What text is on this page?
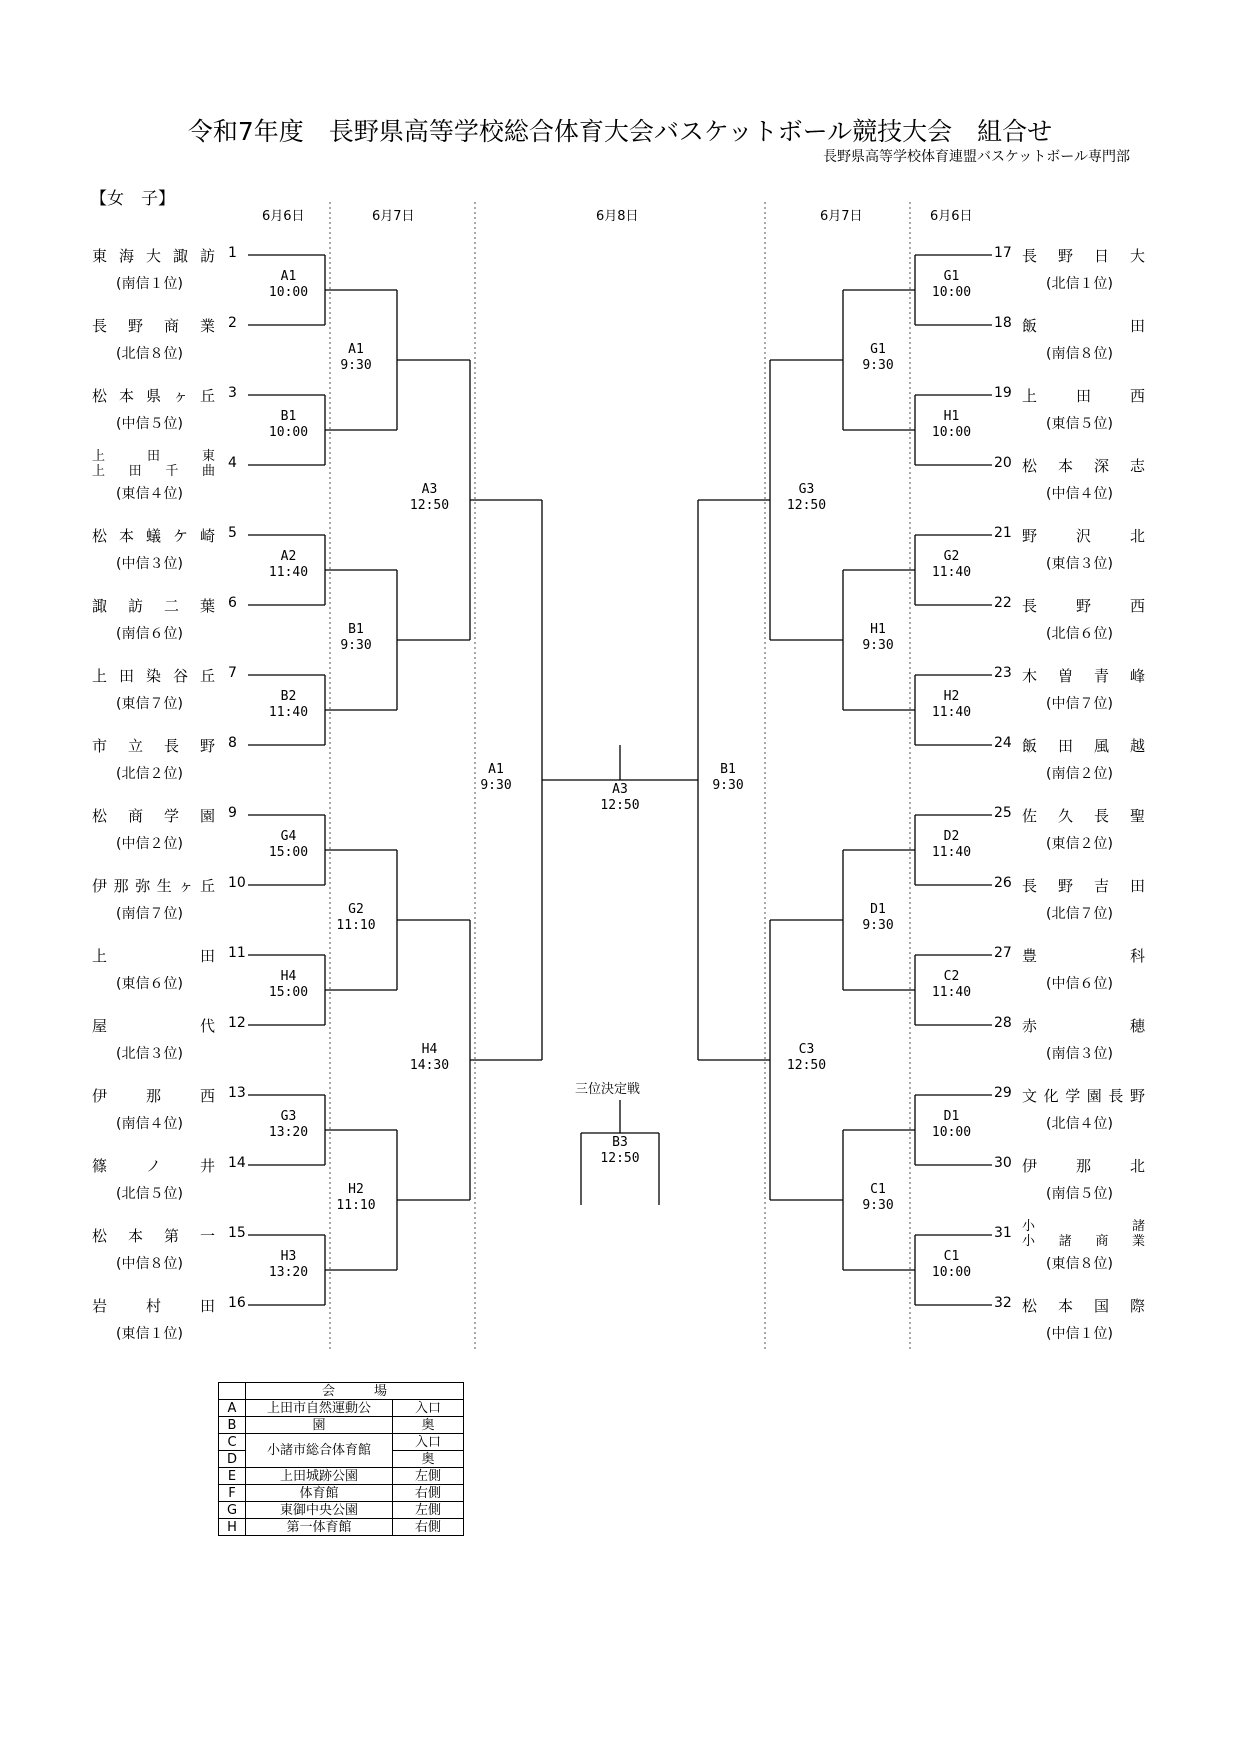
令和7年度　長野県高等学校総合体育大会バスケットボール競技大会　組合せ
長野県高等学校体育連盟バスケットボール専門部
【女　子】
6月6日	6月7日	6月8日	6月7日	6月6日
A1
10:00
B1
10:00
A2
11:40
B2
11:40
G4
15:00
H4
15:00
G3
13:20
H3
13:20
A1
9:30
B1
9:30
G2
11:10
H2
11:10
A3
12:50
H4
14:30
A1
9:30
G1
10:00
H1
10:00
G2
11:40
H2
11:40
D2
11:40
C2
11:40
D1
10:00
C1
10:00
G1
9:30
H1
9:30
D1
9:30
C1
9:30
G3
12:50
C3
12:50
B1
9:30
A3
12:50
三位決定戦
B3
12:50
1
東海大諏訪
(南信１位)
2
長野商業
(北信８位)
3
松本県ヶ丘
(中信５位)
4
上田東
上田千曲
(東信４位)
5
松本蟻ケ崎
(中信３位)
6
諏訪二葉
(南信６位)
7
上田染谷丘
(東信７位)
8
市立長野
(北信２位)
9
松商学園
(中信２位)
10
伊那弥生ヶ丘
(南信７位)
11
上田
(東信６位)
12
屋代
(北信３位)
13
伊那西
(南信４位)
14
篠ノ井
(北信５位)
15
松本第一
(中信８位)
16
岩村田
(東信１位)
17 長野日大
(北信１位)
18 飯田
(南信８位)
19 上田西
(東信５位)
20 松本深志
(中信４位)
21 野沢北
(東信３位)
22 長野西
(北信６位)
23 木曽青峰
(中信７位)
24 飯田風越
(南信２位)
25 佐久長聖
(東信２位)
26 長野吉田
(北信７位)
27 豊科
(中信６位)
28 赤穂
(南信３位)
29 文化学園長野
(北信４位)
30 伊那北
(南信５位)
31 小諸
小諸商業
(東信８位)
32 松本国際
(中信１位)
	会　　　場	
A	上田市自然運動公	入口
B	園	奥
C	小諸市総合体育館	入口
D		奥
E	上田城跡公園	左側
F	体育館	右側
G	東御中央公園	左側
H	第一体育館	右側
